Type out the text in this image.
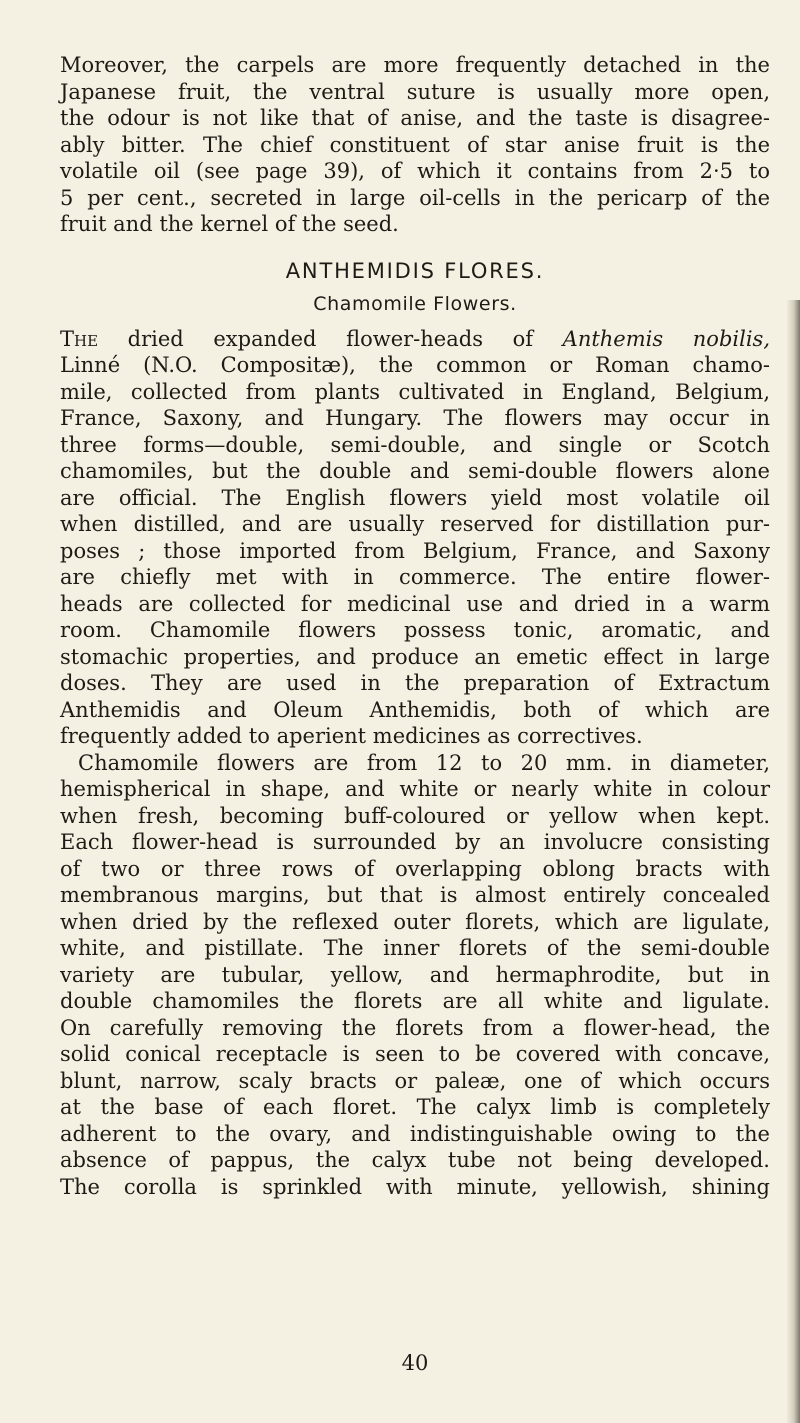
Moreover, the carpels are more frequently detached in the
Japanese fruit, the ventral suture is usually more open,
the odour is not like that of anise, and the taste is disagree-
ably bitter. The chief constituent of star anise fruit is the
volatile oil (see page 39), of which it contains from 2·5 to
5 per cent., secreted in large oil-cells in the pericarp of the
fruit and the kernel of the seed.
ANTHEMIDIS FLORES.
Chamomile Flowers.
The dried expanded flower-heads of Anthemis nobilis,
Linné (N.O. Compositæ), the common or Roman chamo-
mile, collected from plants cultivated in England, Belgium,
France, Saxony, and Hungary. The flowers may occur in
three forms—double, semi-double, and single or Scotch
chamomiles, but the double and semi-double flowers alone
are official. The English flowers yield most volatile oil
when distilled, and are usually reserved for distillation pur-
poses ; those imported from Belgium, France, and Saxony
are chiefly met with in commerce. The entire flower-
heads are collected for medicinal use and dried in a warm
room. Chamomile flowers possess tonic, aromatic, and
stomachic properties, and produce an emetic effect in large
doses. They are used in the preparation of Extractum
Anthemidis and Oleum Anthemidis, both of which are
frequently added to aperient medicines as correctives.
Chamomile flowers are from 12 to 20 mm. in diameter,
hemispherical in shape, and white or nearly white in colour
when fresh, becoming buff-coloured or yellow when kept.
Each flower-head is surrounded by an involucre consisting
of two or three rows of overlapping oblong bracts with
membranous margins, but that is almost entirely concealed
when dried by the reflexed outer florets, which are ligulate,
white, and pistillate. The inner florets of the semi-double
variety are tubular, yellow, and hermaphrodite, but in
double chamomiles the florets are all white and ligulate.
On carefully removing the florets from a flower-head, the
solid conical receptacle is seen to be covered with concave,
blunt, narrow, scaly bracts or paleæ, one of which occurs
at the base of each floret. The calyx limb is completely
adherent to the ovary, and indistinguishable owing to the
absence of pappus, the calyx tube not being developed.
The corolla is sprinkled with minute, yellowish, shining
40
